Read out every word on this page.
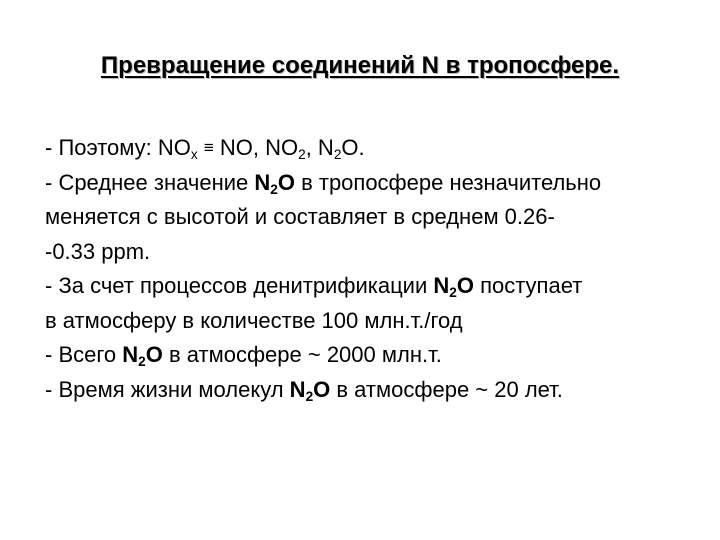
Превращение соединений N в тропосфере.
- Поэтому: $NO_x$ ≡ NO, $NO_2$, $N_2O$.
- Среднее значение $N_2O$ в тропосфере незначительно
меняется с высотой и составляет в среднем 0.26-
-0.33 ppm.
- За счет процессов денитрификации $N_2O$ поступает
в атмосферу в количестве 100 млн.т./год
- Всего $N_2O$ в атмосфере ~ 2000 млн.т.
- Время жизни молекул $N_2O$ в атмосфере ~ 20 лет.
